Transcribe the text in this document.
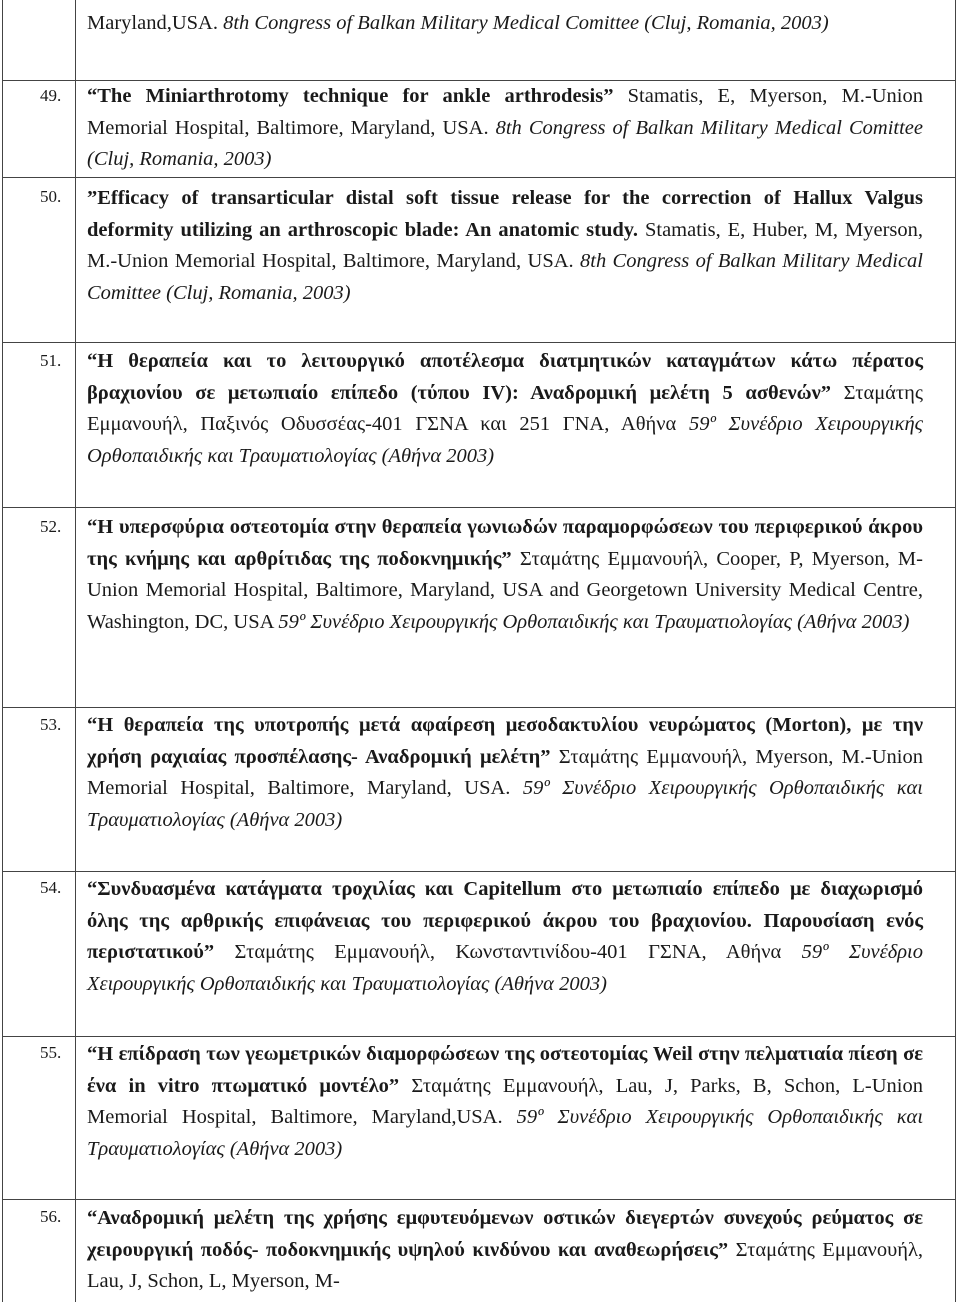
Maryland,USA. 8th Congress of Balkan Military Medical Comittee (Cluj, Romania, 2003)
49. “The Miniarthrotomy technique for ankle arthrodesis” Stamatis, E, Myerson, M.-Union Memorial Hospital, Baltimore, Maryland, USA. 8th Congress of Balkan Military Medical Comittee (Cluj, Romania, 2003)
50. ”Efficacy of transarticular distal soft tissue release for the correction of Hallux Valgus deformity utilizing an arthroscopic blade: An anatomic study. Stamatis, E, Huber, M, Myerson, M.-Union Memorial Hospital, Baltimore, Maryland, USA. 8th Congress of Balkan Military Medical Comittee (Cluj, Romania, 2003)
51. “Η θεραπεία και το λειτουργικό αποτέλεσμα διατμητικών καταγμάτων κάτω πέρατος βραχιονίου σε μετωπιαίο επίπεδο (τύπου IV): Αναδρομική μελέτη 5 ασθενών” Σταμάτης Εμμανουήλ, Παξινός Οδυσσέας-401 ΓΣΝΑ και 251 ΓΝΑ, Αθήνα 59º Συνέδριο Χειρουργικής Ορθοπαιδικής και Τραυματιολογίας (Αθήνα 2003)
52. “Η υπερσφύρια οστεοτομία στην θεραπεία γωνιωδών παραμορφώσεων του περιφερικού άκρου της κνήμης και αρθρίτιδας της ποδοκνημικής” Σταμάτης Εμμανουήλ, Cooper, P, Myerson, M-Union Memorial Hospital, Baltimore, Maryland, USA and Georgetown University Medical Centre, Washington, DC, USA 59º Συνέδριο Χειρουργικής Ορθοπαιδικής και Τραυματιολογίας (Αθήνα 2003)
53. “Η θεραπεία της υποτροπής μετά αφαίρεση μεσοδακτυλίου νευρώματος (Morton), με την χρήση ραχιαίας προσπέλασης- Αναδρομική μελέτη” Σταμάτης Εμμανουήλ, Myerson, M.-Union Memorial Hospital, Baltimore, Maryland, USA. 59º Συνέδριο Χειρουργικής Ορθοπαιδικής και Τραυματιολογίας (Αθήνα 2003)
54. “Συνδυασμένα κατάγματα τροχιλίας και Capitellum στο μετωπιαίο επίπεδο με διαχωρισμό όλης της αρθρικής επιφάνειας του περιφερικού άκρου του βραχιονίου. Παρουσίαση ενός περιστατικού” Σταμάτης Εμμανουήλ, Κωνσταντινίδου-401 ΓΣΝΑ, Αθήνα 59º Συνέδριο Χειρουργικής Ορθοπαιδικής και Τραυματιολογίας (Αθήνα 2003)
55. “Η επίδραση των γεωμετρικών διαμορφώσεων της οστεοτομίας Weil στην πελματιαία πίεση σε ένα in vitro πτωματικό μοντέλο” Σταμάτης Εμμανουήλ, Lau, J, Parks, B, Schon, L-Union Memorial Hospital, Baltimore, Maryland,USA. 59º Συνέδριο Χειρουργικής Ορθοπαιδικής και Τραυματιολογίας (Αθήνα 2003)
56. “Αναδρομική μελέτη της χρήσης εμφυτευόμενων οστικών διεγερτών συνεχούς ρεύματος σε χειρουργική ποδός- ποδοκνημικής υψηλού κινδύνου και αναθεωρήσεις” Σταμάτης Εμμανουήλ, Lau, J, Schon, L, Myerson, M-
